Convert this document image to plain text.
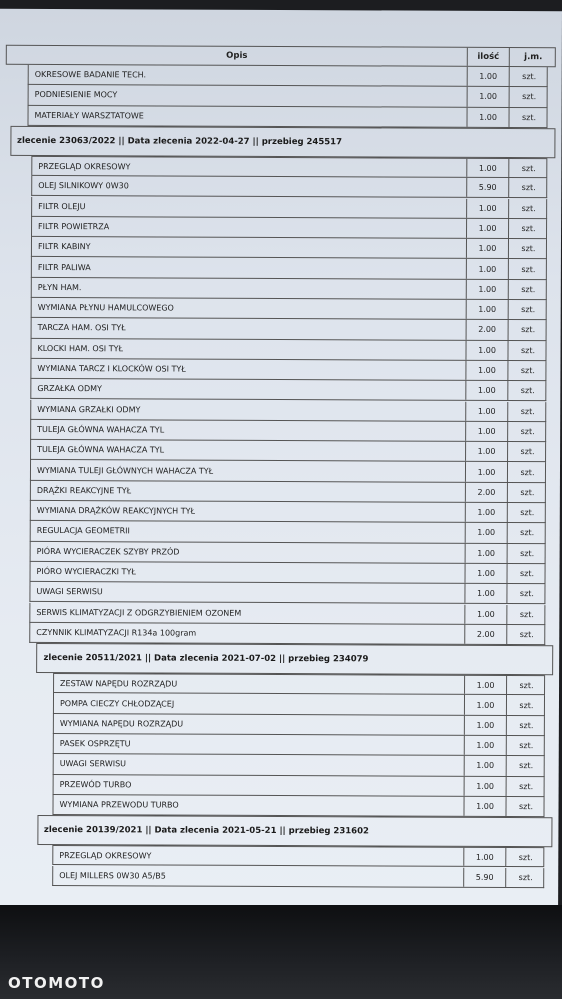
Opis	ilość	j.m.
OKRESOWE BADANIE TECH.	1.00	szt.
PODNIESIENIE MOCY	1.00	szt.
MATERIAŁY WARSZTATOWE	1.00	szt.
zlecenie 23063/2022 || Data zlecenia 2022-04-27 || przebieg 245517
PRZEGLĄD OKRESOWY	1.00	szt.
OLEJ SILNIKOWY 0W30	5.90	szt.
FILTR OLEJU	1.00	szt.
FILTR POWIETRZA	1.00	szt.
FILTR KABINY	1.00	szt.
FILTR PALIWA	1.00	szt.
PŁYN HAM.	1.00	szt.
WYMIANA PŁYNU HAMULCOWEGO	1.00	szt.
TARCZA HAM. OSI TYŁ	2.00	szt.
KLOCKI HAM. OSI TYŁ	1.00	szt.
WYMIANA TARCZ I KLOCKÓW OSI TYŁ	1.00	szt.
GRZAŁKA ODMY	1.00	szt.
WYMIANA GRZAŁKI ODMY	1.00	szt.
TULEJA GŁÓWNA WAHACZA TYL	1.00	szt.
TULEJA GŁÓWNA WAHACZA TYL	1.00	szt.
WYMIANA TULEJI GŁÓWNYCH WAHACZA TYŁ	1.00	szt.
DRĄŻKI REAKCYJNE TYŁ	2.00	szt.
WYMIANA DRĄŻKÓW REAKCYJNYCH TYŁ	1.00	szt.
REGULACJA GEOMETRII	1.00	szt.
PIÓRA WYCIERACZEK SZYBY PRZÓD	1.00	szt.
PIÓRO WYCIERACZKI TYŁ	1.00	szt.
UWAGI SERWISU	1.00	szt.
SERWIS KLIMATYZACJI Z ODGRZYBIENIEM OZONEM	1.00	szt.
CZYNNIK KLIMATYZACJI R134a 100gram	2.00	szt.
zlecenie 20511/2021 || Data zlecenia 2021-07-02 || przebieg 234079
ZESTAW NAPĘDU ROZRZĄDU	1.00	szt.
POMPA CIECZY CHŁODZĄCEJ	1.00	szt.
WYMIANA NAPĘDU ROZRZĄDU	1.00	szt.
PASEK OSPRZĘTU	1.00	szt.
UWAGI SERWISU	1.00	szt.
PRZEWÓD TURBO	1.00	szt.
WYMIANA PRZEWODU TURBO	1.00	szt.
zlecenie 20139/2021 || Data zlecenia 2021-05-21 || przebieg 231602
PRZEGLĄD OKRESOWY	1.00	szt.
OLEJ MILLERS 0W30 A5/B5	5.90	szt.
OTOMOTO
